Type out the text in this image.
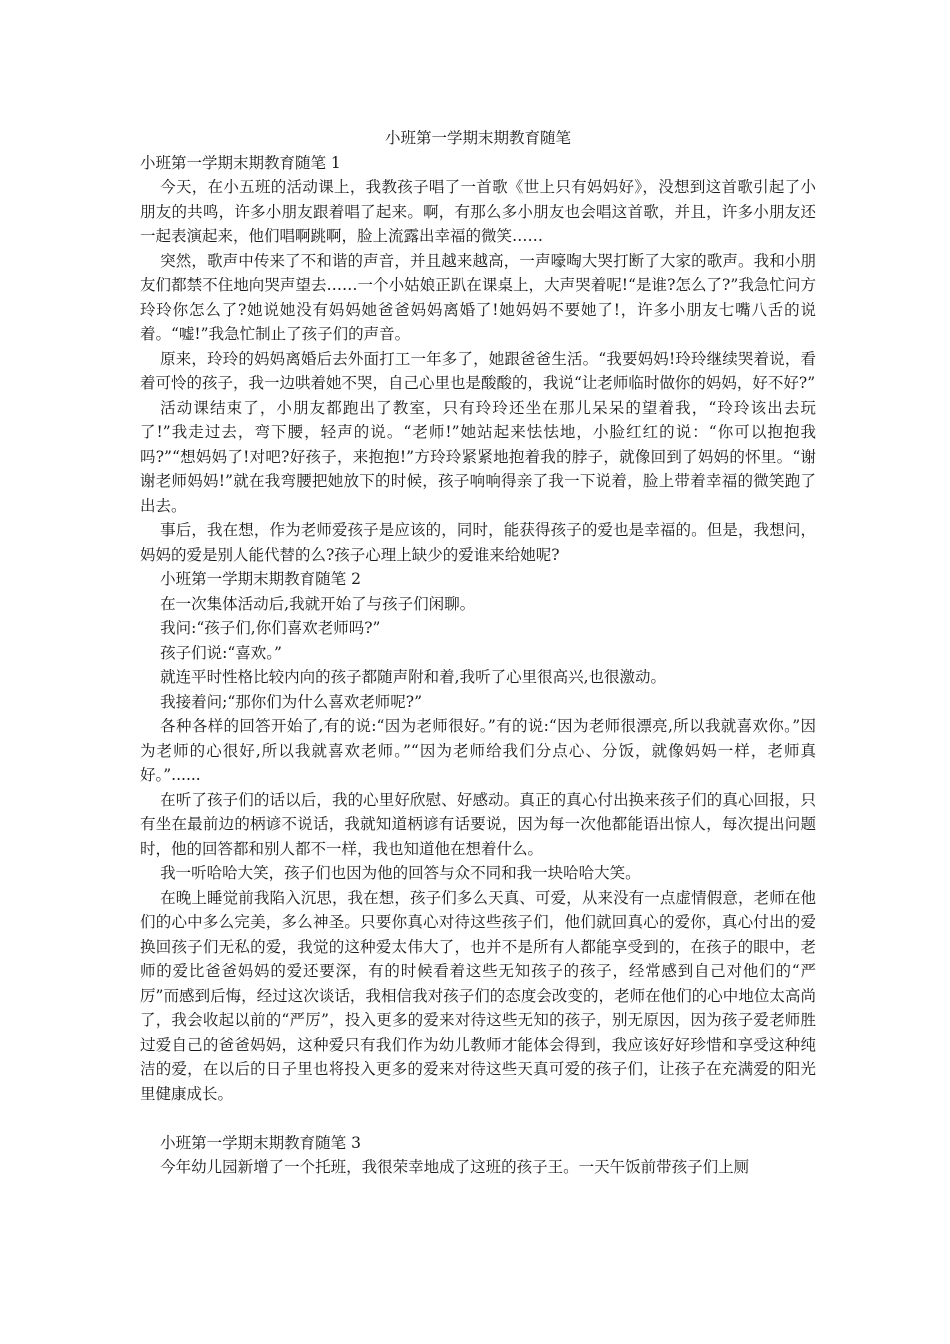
小班第一学期末期教育随笔

小班第一学期末期教育随笔 1

今天，在小五班的活动课上，我教孩子唱了一首歌《世上只有妈妈好》，没想到这首歌引起了小朋友的共鸣，许多小朋友跟着唱了起来。啊，有那么多小朋友也会唱这首歌，并且，许多小朋友还一起表演起来，他们唱啊跳啊，脸上流露出幸福的微笑……

突然，歌声中传来了不和谐的声音，并且越来越高，一声嚎啕大哭打断了大家的歌声。我和小朋友们都禁不住地向哭声望去……一个小姑娘正趴在课桌上，大声哭着呢!“是谁?怎么了?”我急忙问方玲玲你怎么了?她说她没有妈妈她爸爸妈妈离婚了!她妈妈不要她了!，许多小朋友七嘴八舌的说着。“嘘!”我急忙制止了孩子们的声音。

原来，玲玲的妈妈离婚后去外面打工一年多了，她跟爸爸生活。“我要妈妈!玲玲继续哭着说，看着可怜的孩子，我一边哄着她不哭，自己心里也是酸酸的，我说“让老师临时做你的妈妈，好不好?”

活动课结束了，小朋友都跑出了教室，只有玲玲还坐在那儿呆呆的望着我，“玲玲该出去玩了!”我走过去，弯下腰，轻声的说。“老师!”她站起来怯怯地，小脸红红的说：“你可以抱抱我吗?”“想妈妈了!对吧?好孩子，来抱抱!”方玲玲紧紧地抱着我的脖子，就像回到了妈妈的怀里。“谢谢老师妈妈!”就在我弯腰把她放下的时候，孩子响响得亲了我一下说着，脸上带着幸福的微笑跑了出去。

事后，我在想，作为老师爱孩子是应该的，同时，能获得孩子的爱也是幸福的。但是，我想问，妈妈的爱是别人能代替的么?孩子心理上缺少的爱谁来给她呢?

小班第一学期末期教育随笔 2

在一次集体活动后,我就开始了与孩子们闲聊。

我问:“孩子们,你们喜欢老师吗?”

孩子们说:“喜欢。”

就连平时性格比较内向的孩子都随声附和着,我听了心里很高兴,也很激动。

我接着问;“那你们为什么喜欢老师呢?”

各种各样的回答开始了,有的说:“因为老师很好。”有的说:“因为老师很漂亮,所以我就喜欢你。”因为老师的心很好,所以我就喜欢老师。”“因为老师给我们分点心、分饭，就像妈妈一样，老师真好。”......

在听了孩子们的话以后，我的心里好欣慰、好感动。真正的真心付出换来孩子们的真心回报，只有坐在最前边的柄谚不说话，我就知道柄谚有话要说，因为每一次他都能语出惊人，每次提出问题时，他的回答都和别人都不一样，我也知道他在想着什么。

我一听哈哈大笑，孩子们也因为他的回答与众不同和我一块哈哈大笑。

在晚上睡觉前我陷入沉思，我在想，孩子们多么天真、可爱，从来没有一点虚情假意，老师在他们的心中多么完美，多么神圣。只要你真心对待这些孩子们，他们就回真心的爱你，真心付出的爱换回孩子们无私的爱，我觉的这种爱太伟大了，也并不是所有人都能享受到的，在孩子的眼中，老师的爱比爸爸妈妈的爱还要深，有的时候看着这些无知孩子的孩子，经常感到自己对他们的“严厉”而感到后悔，经过这次谈话，我相信我对孩子们的态度会改变的，老师在他们的心中地位太高尚了，我会收起以前的“严厉”，投入更多的爱来对待这些无知的孩子，别无原因，因为孩子爱老师胜过爱自己的爸爸妈妈，这种爱只有我们作为幼儿教师才能体会得到，我应该好好珍惜和享受这种纯洁的爱，在以后的日子里也将投入更多的爱来对待这些天真可爱的孩子们，让孩子在充满爱的阳光里健康成长。

小班第一学期末期教育随笔 3

今年幼儿园新增了一个托班，我很荣幸地成了这班的孩子王。一天午饭前带孩子们上厕
